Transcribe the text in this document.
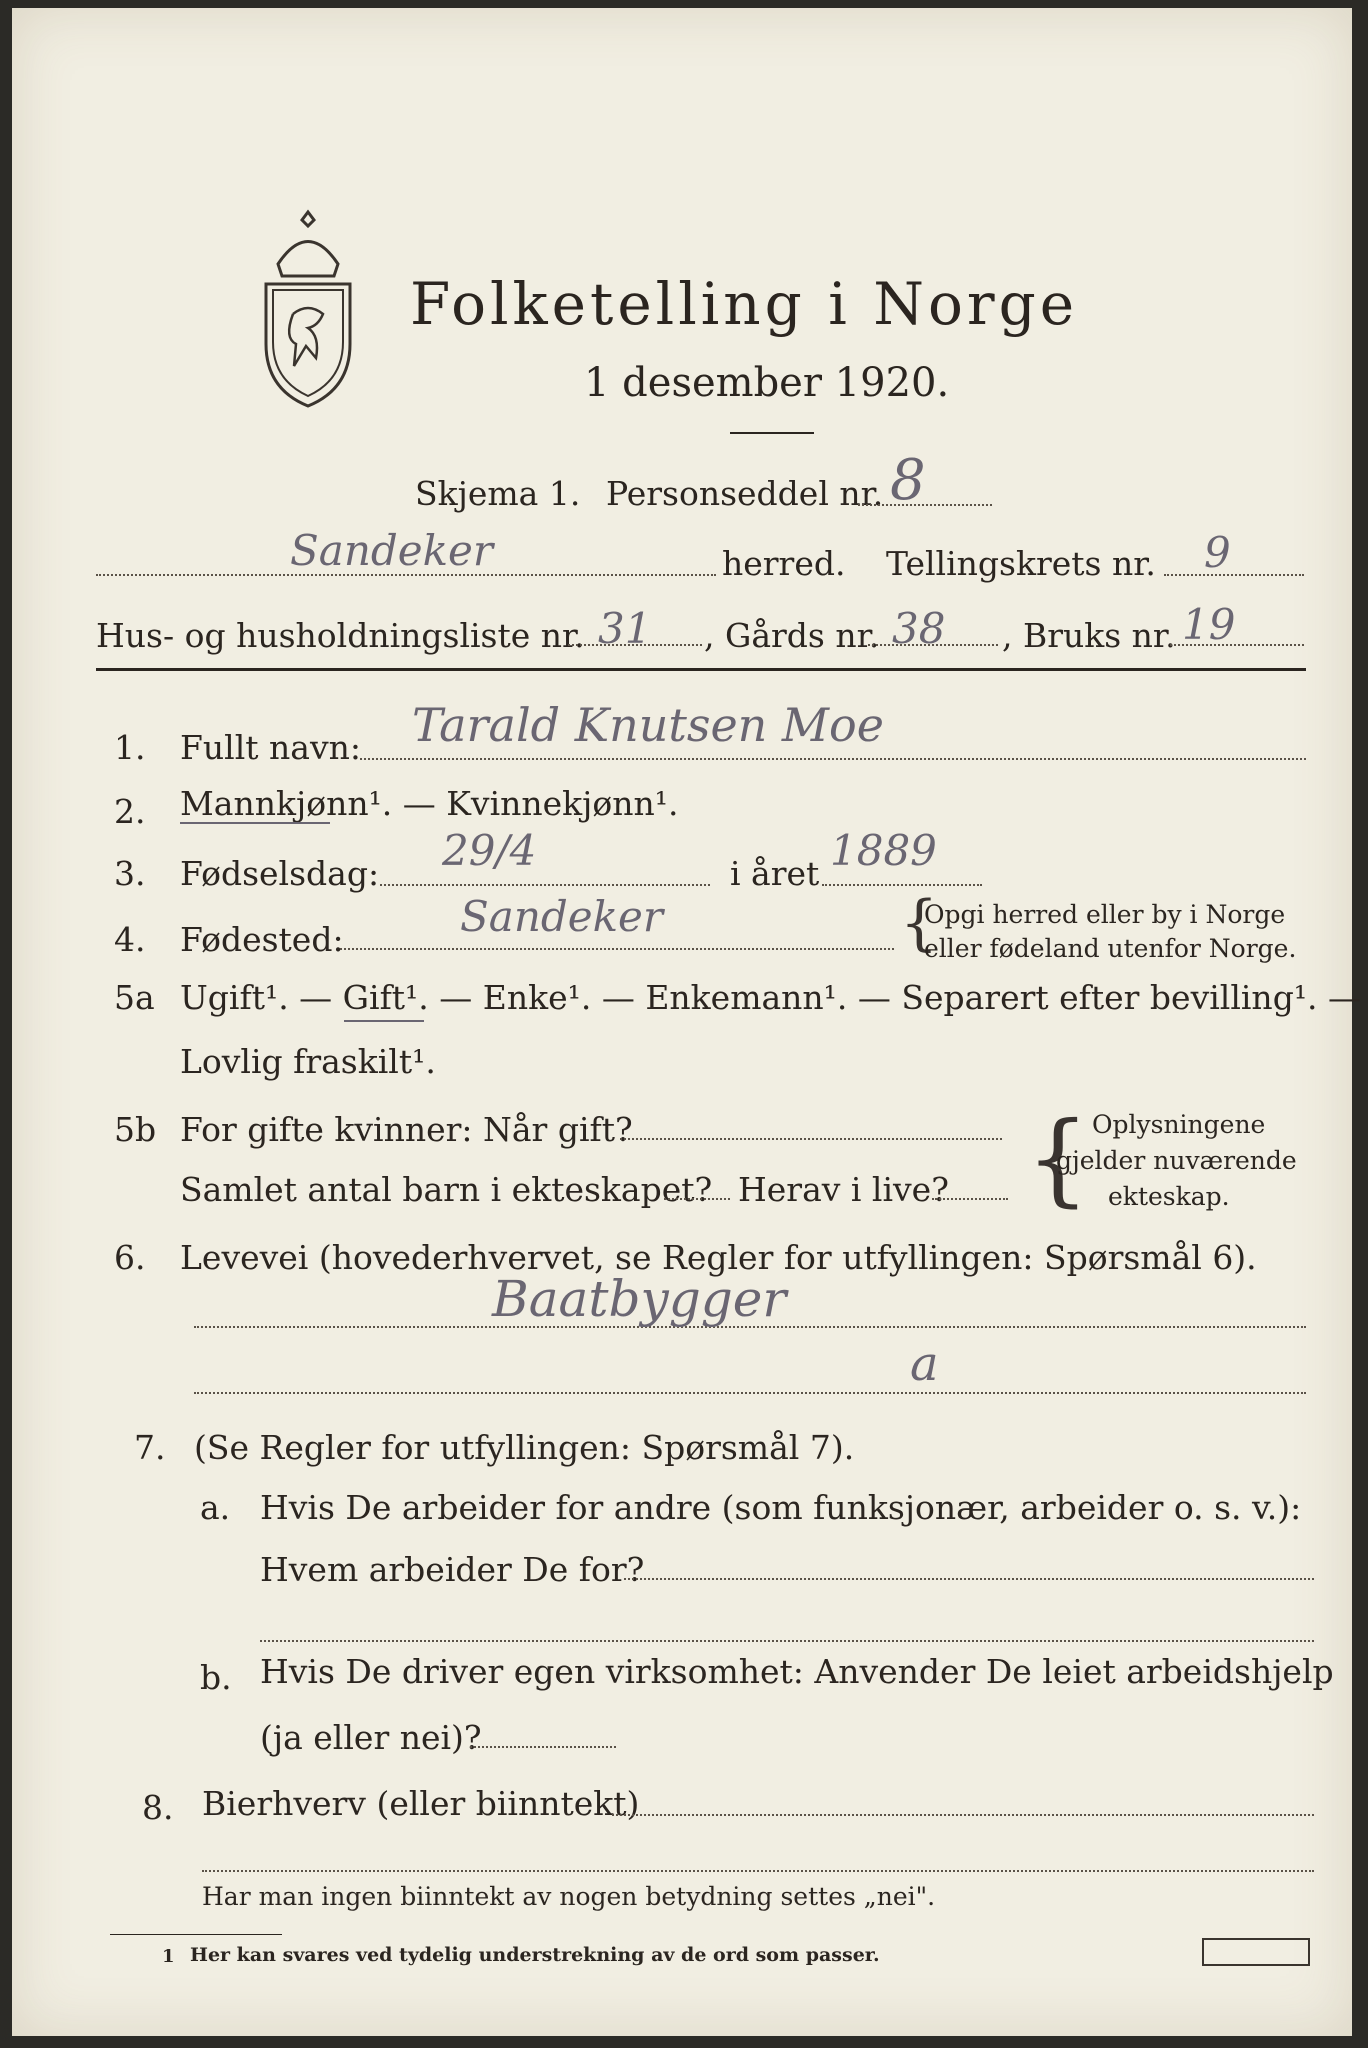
Folketelling i Norge
1 desember 1920.
Skjema 1. Personseddel nr. 8
Sandeker	herred. Tellingskrets nr. 9
Hus- og husholdningsliste nr. 31 , Gårds nr. 38 , Bruks nr. 19
1. Fullt navn: Tarald Knutsen Moe
2. Mannkjønn¹. — Kvinnekjønn¹.
3. Fødselsdag: 29/4	i året 1889
4. Fødested:	Sandeker	{
Opgi herred eller by i Norge
eller fødeland utenfor Norge.
5a Ugift¹. — Gift¹. — Enke¹. — Enkemann¹. — Separert efter bevilling¹. —
Lovlig fraskilt¹.
5b For gifte kvinner: Når gift?
Samlet antal barn i ekteskapet? Herav i live? { Oplysningene
gjelder nuværende
ekteskap.
6. Levevei (hovederhvervet, se Regler for utfyllingen: Spørsmål 6).
Baatbygger
a
7. (Se Regler for utfyllingen: Spørsmål 7).
a. Hvis De arbeider for andre (som funksjonær, arbeider o. s. v.):
Hvem arbeider De for?
b. Hvis De driver egen virksomhet: Anvender De leiet arbeidshjelp
(ja eller nei)?
8. Bierhverv (eller biinntekt)
Har man ingen biinntekt av nogen betydning settes „nei".
1 Her kan svares ved tydelig understrekning av de ord som passer.
